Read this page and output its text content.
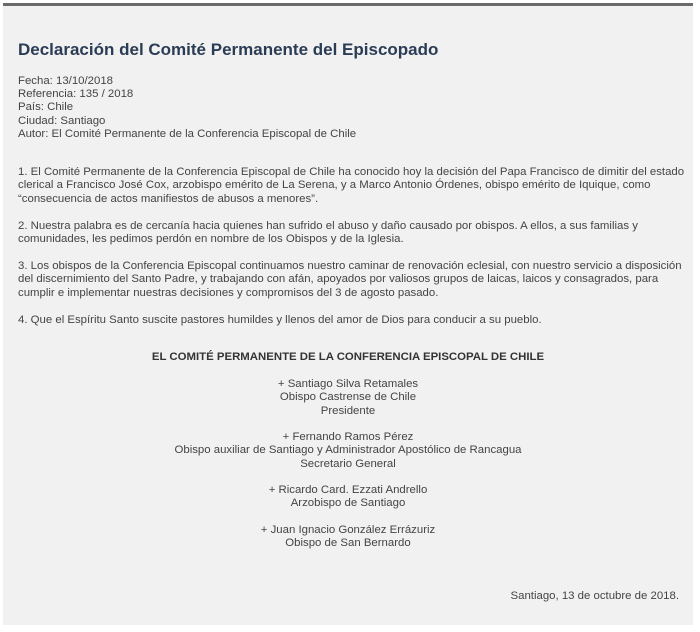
Declaración del Comité Permanente del Episcopado
Fecha: 13/10/2018
Referencia: 135 / 2018
País: Chile
Ciudad: Santiago
Autor: El Comité Permanente de la Conferencia Episcopal de Chile

1. El Comité Permanente de la Conferencia Episcopal de Chile ha conocido hoy la decisión del Papa Francisco de dimitir del estado clerical a Francisco José Cox, arzobispo emérito de La Serena, y a Marco Antonio Órdenes, obispo emérito de Iquique, como “consecuencia de actos manifiestos de abusos a menores”.

2. Nuestra palabra es de cercanía hacia quienes han sufrido el abuso y daño causado por obispos. A ellos, a sus familias y comunidades, les pedimos perdón en nombre de los Obispos y de la Iglesia.

3. Los obispos de la Conferencia Episcopal continuamos nuestro caminar de renovación eclesial, con nuestro servicio a disposición del discernimiento del Santo Padre, y trabajando con afán, apoyados por valiosos grupos de laicas, laicos y consagrados, para cumplir e implementar nuestras decisiones y compromisos del 3 de agosto pasado.

4. Que el Espíritu Santo suscite pastores humildes y llenos del amor de Dios para conducir a su pueblo.

EL COMITÉ PERMANENTE DE LA CONFERENCIA EPISCOPAL DE CHILE
+ Santiago Silva Retamales
Obispo Castrense de Chile
Presidente
+ Fernando Ramos Pérez
Obispo auxiliar de Santiago y Administrador Apostólico de Rancagua
Secretario General
+ Ricardo Card. Ezzati Andrello
Arzobispo de Santiago
+ Juan Ignacio González Errázuriz
Obispo de San Bernardo
Santiago, 13 de octubre de 2018.
